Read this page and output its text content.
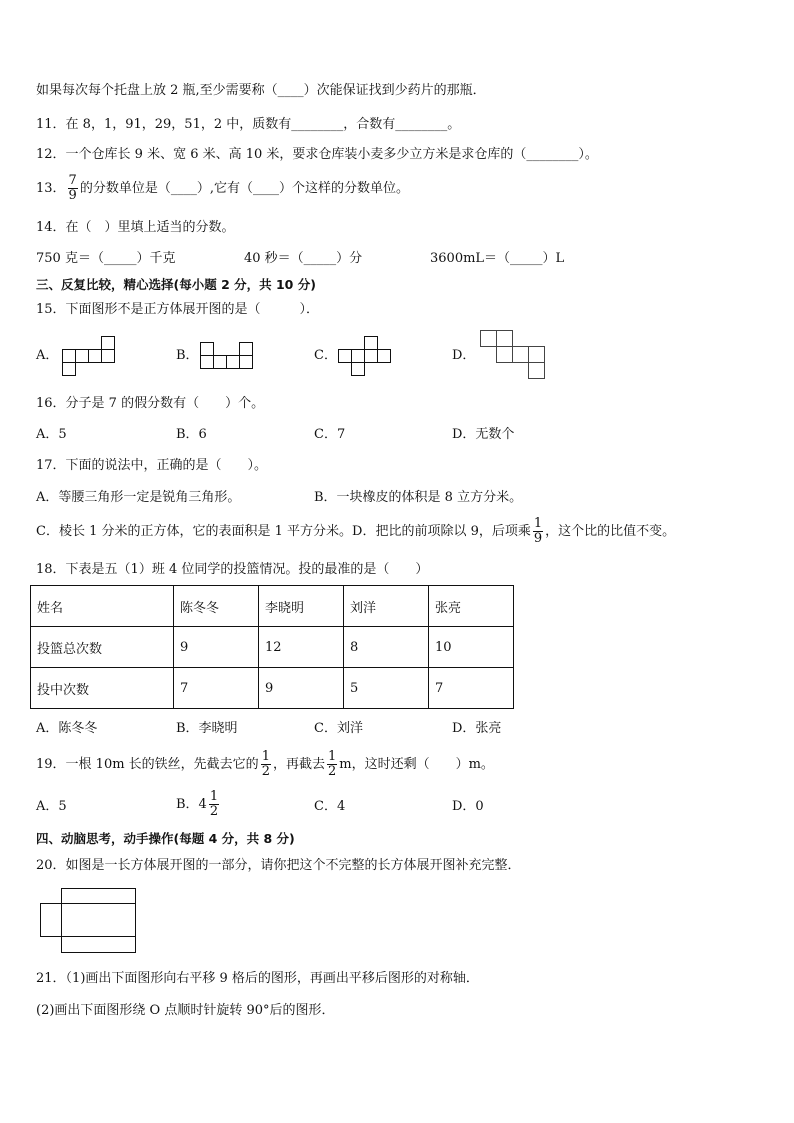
如果每次每个托盘上放 2 瓶,至少需要称（____）次能保证找到少药片的那瓶．
11．在 8，1，91，29，51，2 中，质数有________，合数有________。
12．一个仓库长 9 米、宽 6 米、高 10 米，要求仓库装小麦多少立方米是求仓库的（________）。
13． $\frac{7}{9}$ 的分数单位是（____）,它有（____）个这样的分数单位。
14．在（　）里填上适当的分数。
750 克＝（_____）千克	40 秒＝（_____）分	3600mL＝（_____）L
三、反复比较，精心选择(每小题 2 分，共 10 分)
15．下面图形不是正方体展开图的是（　　　）．
A．	B．	C．	D．
16．分子是 7 的假分数有（　　）个。
A．5	B．6	C．7	D．无数个
17．下面的说法中，正确的是（　　）。
A．等腰三角形一定是锐角三角形。	B．一块橡皮的体积是 8 立方分米。
C．棱长 1 分米的正方体，它的表面积是 1 平方分米。D．把比的前项除以 9，后项乘 $\frac{1}{9}$ ，这个比的比值不变。
18．下表是五（1）班 4 位同学的投篮情况。投的最准的是（　　）
姓名	陈冬冬	李晓明	刘洋	张亮
投篮总次数	9	12	8	10
投中次数	7	9	5	7
A．陈冬冬	B．李晓明	C．刘洋	D．张亮
19．一根 10m 长的铁丝，先截去它的 $\frac{1}{2}$ ，再截去 $\frac{1}{2}$ m，这时还剩（　　）m。
A．5	B．$4 \frac{1}{2}$	C．4	D．0
四、动脑思考，动手操作(每题 4 分，共 8 分)
20．如图是一长方体展开图的一部分，请你把这个不完整的长方体展开图补充完整．
21．（1)画出下面图形向右平移 9 格后的图形，再画出平移后图形的对称轴．
(2)画出下面图形绕 O 点顺时针旋转 90°后的图形．
